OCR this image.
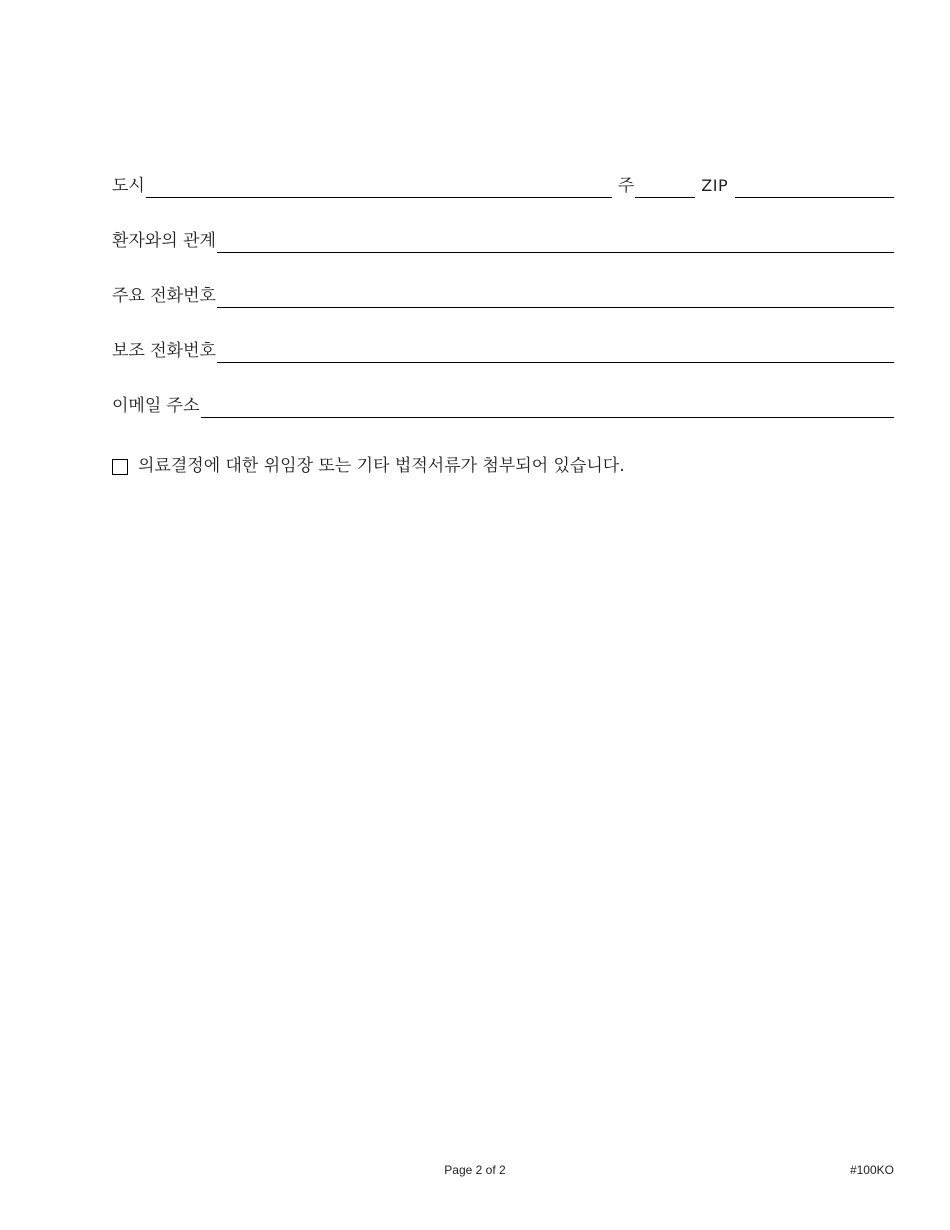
도시	주	ZIP
환자와의 관계
주요 전화번호
보조 전화번호
이메일 주소
의료결정에 대한 위임장 또는 기타 법적서류가 첨부되어 있습니다.
Page 2 of 2	#100KO
